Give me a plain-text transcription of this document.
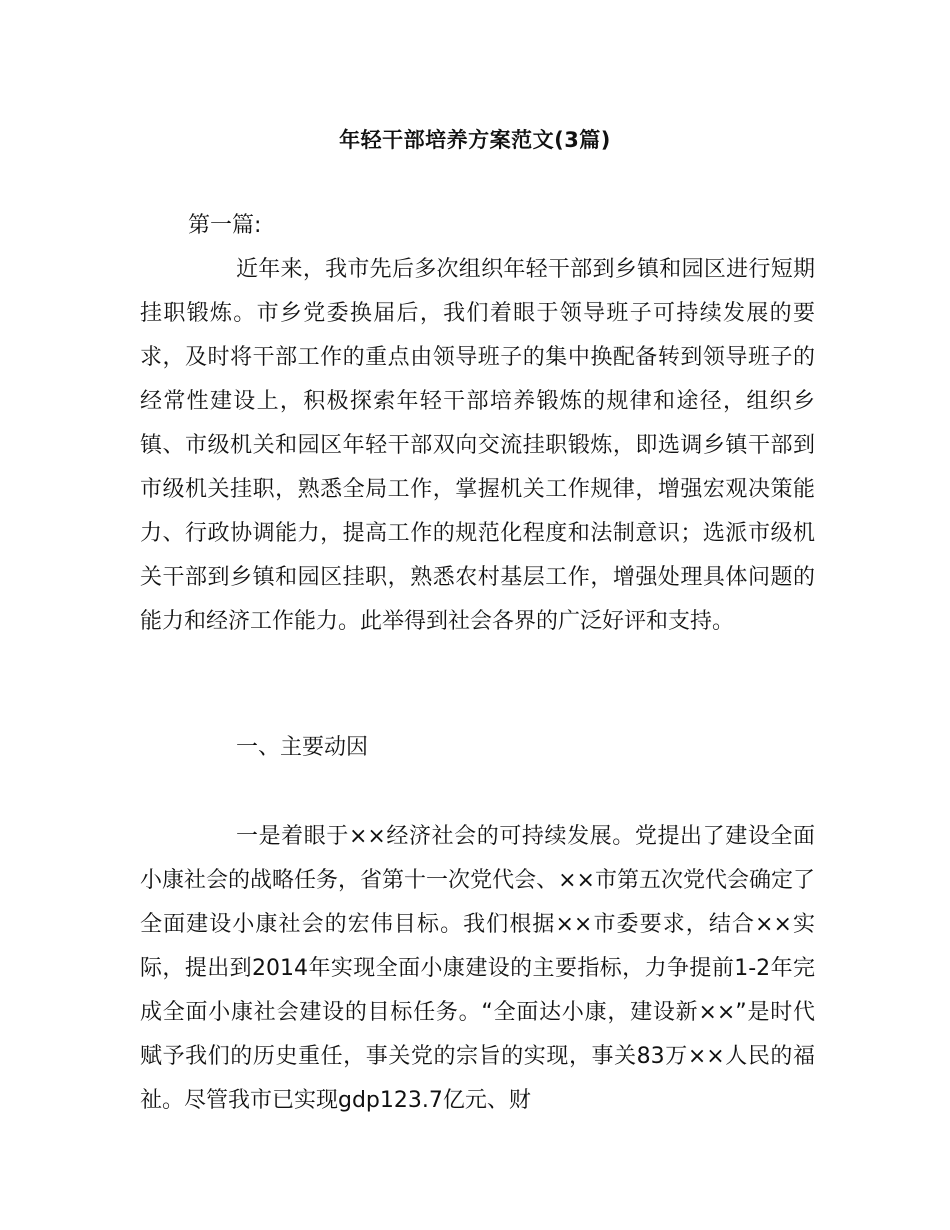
年轻干部培养方案范文(3篇)
第一篇:

近年来，我市先后多次组织年轻干部到乡镇和园区进行短期挂职锻炼。市乡党委换届后，我们着眼于领导班子可持续发展的要求，及时将干部工作的重点由领导班子的集中换配备转到领导班子的经常性建设上，积极探索年轻干部培养锻炼的规律和途径，组织乡镇、市级机关和园区年轻干部双向交流挂职锻炼，即选调乡镇干部到市级机关挂职，熟悉全局工作，掌握机关工作规律，增强宏观决策能力、行政协调能力，提高工作的规范化程度和法制意识；选派市级机关干部到乡镇和园区挂职，熟悉农村基层工作，增强处理具体问题的能力和经济工作能力。此举得到社会各界的广泛好评和支持。

一、主要动因

一是着眼于××经济社会的可持续发展。党提出了建设全面小康社会的战略任务，省第十一次党代会、××市第五次党代会确定了全面建设小康社会的宏伟目标。我们根据××市委要求，结合××实际，提出到2014年实现全面小康建设的主要指标，力争提前1-2年完成全面小康社会建设的目标任务。“全面达小康，建设新××”是时代赋予我们的历史重任，事关党的宗旨的实现，事关83万××人民的福祉。尽管我市已实现gdp123.7亿元、财
